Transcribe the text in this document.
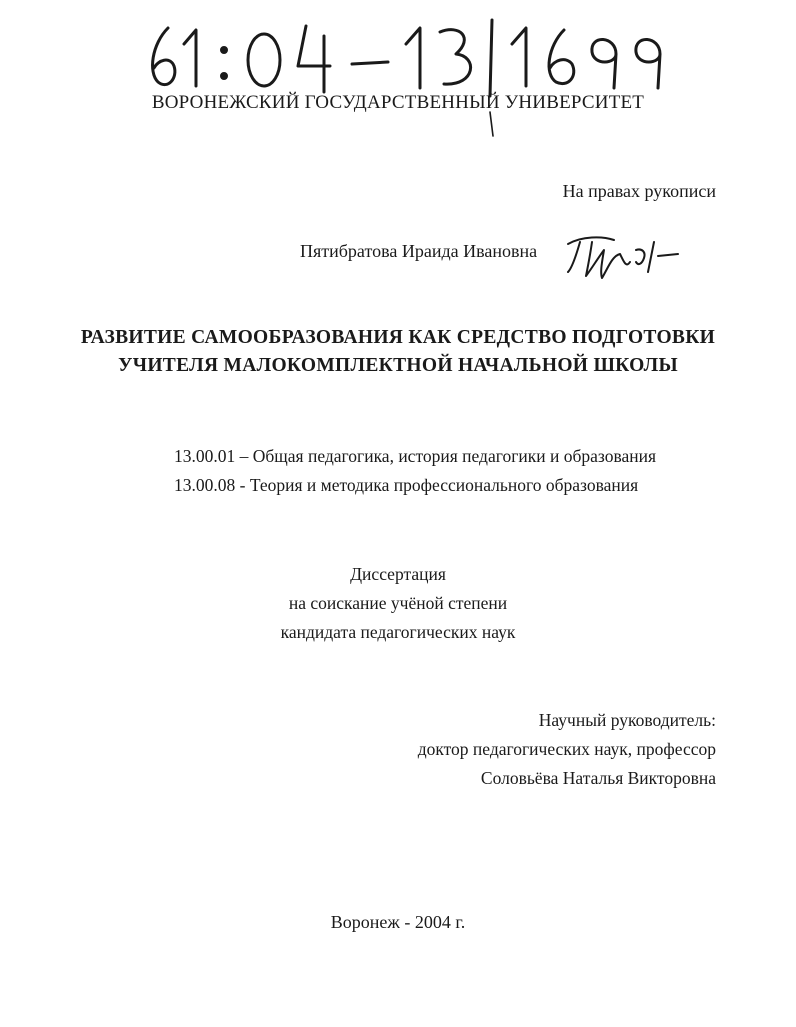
ВОРОНЕЖСКИЙ ГОСУДАРСТВЕННЫЙ УНИВЕРСИТЕТ
На правах рукописи
Пятибратова Ираида Ивановна
РАЗВИТИЕ САМООБРАЗОВАНИЯ КАК СРЕДСТВО ПОДГОТОВКИ
УЧИТЕЛЯ МАЛОКОМПЛЕКТНОЙ НАЧАЛЬНОЙ ШКОЛЫ
13.00.01 – Общая педагогика, история педагогики и образования
13.00.08 - Теория и методика профессионального образования
Диссертация
на соискание учёной степени
кандидата педагогических наук
Научный руководитель:
доктор педагогических наук, профессор
Соловьёва Наталья Викторовна
Воронеж - 2004 г.
